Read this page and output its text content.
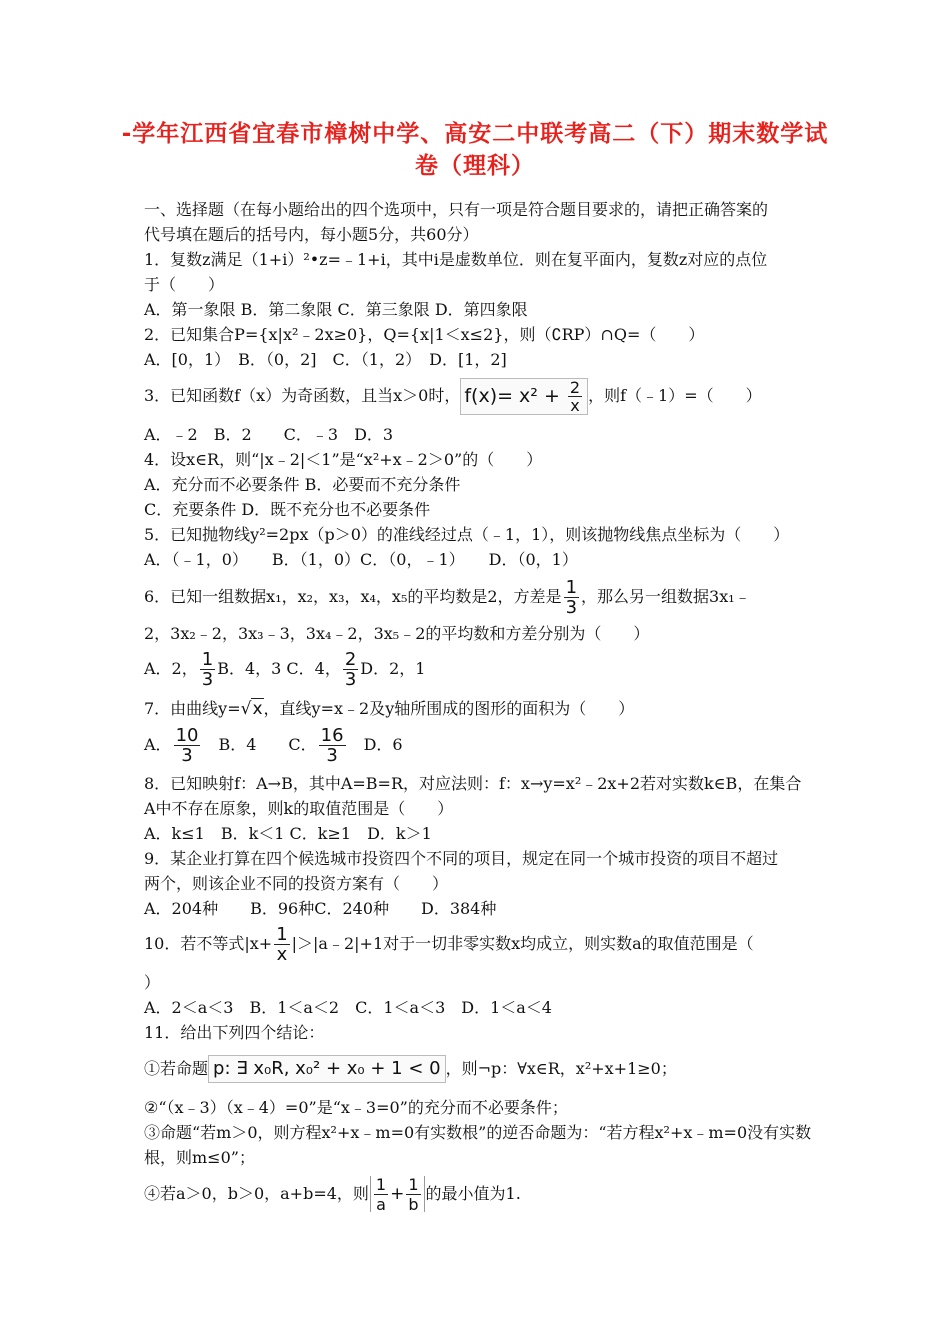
-学年江西省宜春市樟树中学、高安二中联考高二（下）期末数学试
卷（理科）
一、选择题（在每小题给出的四个选项中，只有一项是符合题目要求的，请把正确答案的
代号填在题后的括号内，每小题5分，共60分）
1．复数z满足（1+i）²•z=﹣1+i，其中i是虚数单位．则在复平面内，复数z对应的点位
于（　　）
A．第一象限 B．第二象限 C．第三象限 D．第四象限
2．已知集合P={x|x²﹣2x≥0}，Q={x|1＜x≤2}，则（∁RP）∩Q=（　　）
A．[0，1）　B．（0，2]　C．（1，2）　D．[1，2]
3．已知函数f（x）为奇函数，且当x＞0时， $f(x)= x^2 + \frac{2}{x}$ ，则f（﹣1）=（　　）
A．﹣2　B．2　　C．﹣3　D．3
4．设x∈R，则“|x﹣2|＜1”是“x²+x﹣2＞0”的（　　）
A．充分而不必要条件 B．必要而不充分条件
C．充要条件 D．既不充分也不必要条件
5．已知抛物线y²=2px（p＞0）的准线经过点（﹣1，1），则该抛物线焦点坐标为（　　）
A．（﹣1，0）　　B．（1，0）C．（0，﹣1）　　D．（0，1）
6．已知一组数据x₁，x₂，x₃，x₄，x₅的平均数是2，方差是 $\frac{1}{3}$ ，那么另一组数据3x₁﹣
2，3x₂﹣2，3x₃﹣3，3x₄﹣2，3x₅﹣2的平均数和方差分别为（　　）
A．2， $\frac{1}{3}$ B．4，3 C．4， $\frac{2}{3}$ D．2，1
7．由曲线y=√x，直线y=x﹣2及y轴所围成的图形的面积为（　　）
A． $\frac{10}{3}$ 　B．4　　C． $\frac{16}{3}$ 　D．6
8．已知映射f：A→B，其中A=B=R，对应法则：f：x→y=x²﹣2x+2若对实数k∈B，在集合
A中不存在原象，则k的取值范围是（　　）
A．k≤1　B．k＜1 C．k≥1　D．k＞1
9．某企业打算在四个候选城市投资四个不同的项目，规定在同一个城市投资的项目不超过
两个，则该企业不同的投资方案有（　　）
A．204种　　B．96种C．240种　　D．384种
10．若不等式$|x+ \frac{1}{x}$ |＞|a﹣2|+1对于一切非零实数x均成立，则实数a的取值范围是（
）
A．2＜a＜3　B．1＜a＜2　C．1＜a＜3　D．1＜a＜4
11．给出下列四个结论：
①若命题 p: ∃ x₀R, x₀² + x₀ + 1 < 0 ，则¬p：∀x∈R，x²+x+1≥0；
②“（x﹣3）（x﹣4）=0”是“x﹣3=0”的充分而不必要条件；
③命题“若m＞0，则方程x²+x﹣m=0有实数根”的逆否命题为：“若方程x²+x﹣m=0没有实数
根，则m≤0”；
④若a＞0，b＞0，a+b=4，则 $\frac{1}{a} + \frac{1}{b}$ 的最小值为1.
